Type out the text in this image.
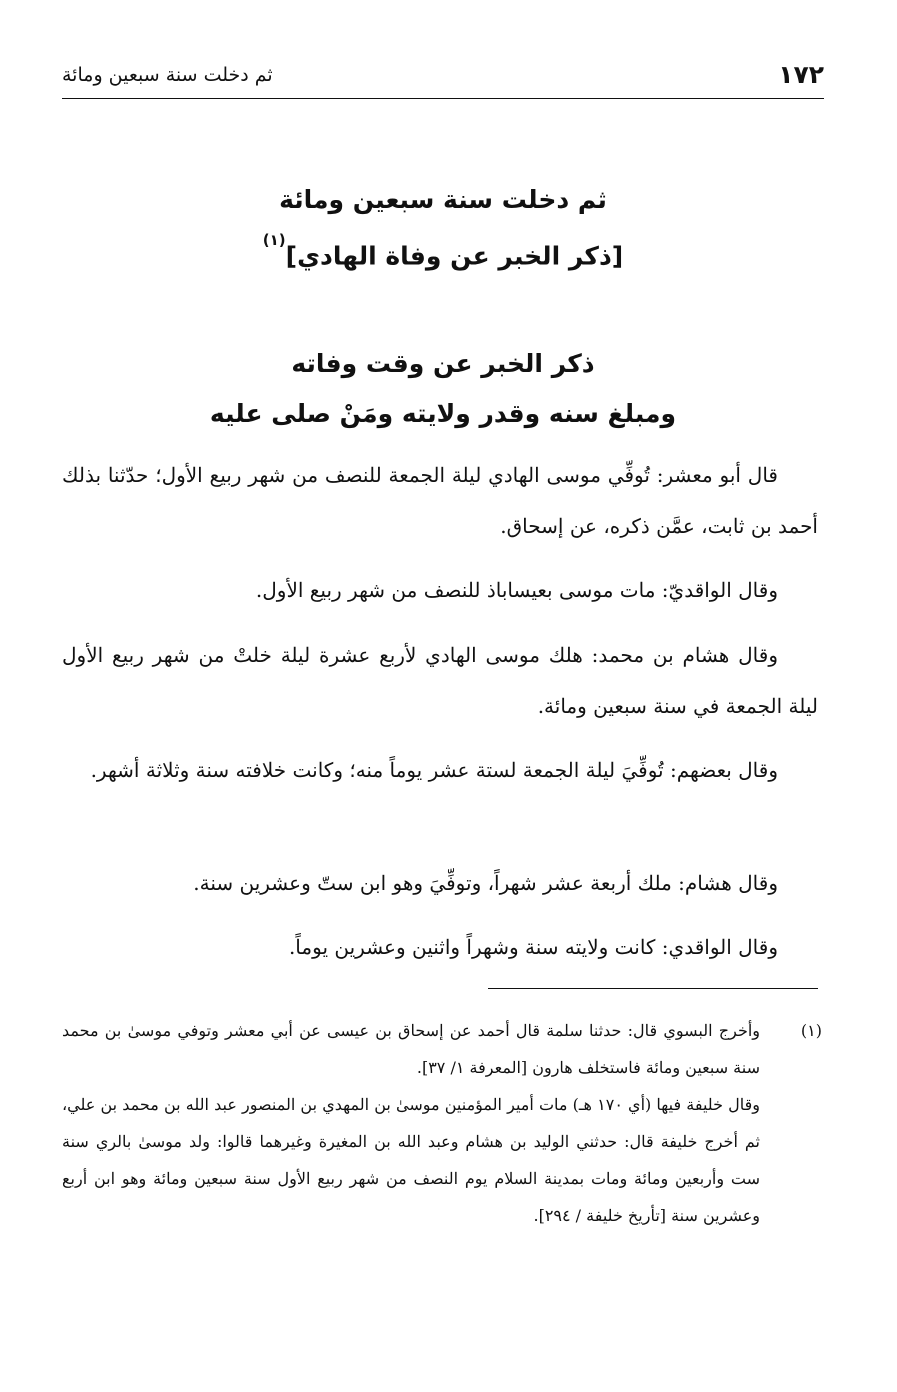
١٧٢
ثم دخلت سنة سبعين ومائة
ثم دخلت سنة سبعين ومائة
[ذكر الخبر عن وفاة الهادي]$^{(١)}$
ذكر الخبر عن وقت وفاته
ومبلغ سنه وقدر ولايته ومَنْ صلى عليه

قال أبو معشر: تُوفِّي موسى الهادي ليلة الجمعة للنصف من شهر ربيع الأول؛ حدّثنا بذلك أحمد بن ثابت، عمَّن ذكره، عن إسحاق.

وقال الواقديّ: مات موسى بعيساباذ للنصف من شهر ربيع الأول.

وقال هشام بن محمد: هلك موسى الهادي لأربع عشرة ليلة خلتْ من شهر ربيع الأول ليلة الجمعة في سنة سبعين ومائة.

وقال بعضهم: تُوفِّيَ ليلة الجمعة لستة عشر يوماً منه؛ وكانت خلافته سنة وثلاثة أشهر.

وقال هشام: ملك أربعة عشر شهراً، وتوفِّيَ وهو ابن ستّ وعشرين سنة.

وقال الواقدي: كانت ولايته سنة وشهراً واثنين وعشرين يوماً.

(١)
وأخرج البسوي قال: حدثنا سلمة قال أحمد عن إسحاق بن عيسى عن أبي معشر وتوفي موسىٰ بن محمد سنة سبعين ومائة فاستخلف هارون [المعرفة ١/ ٣٧].

وقال خليفة فيها (أي ١٧٠ هـ) مات أمير المؤمنين موسىٰ بن المهدي بن المنصور عبد الله بن محمد بن علي، ثم أخرج خليفة قال: حدثني الوليد بن هشام وعبد الله بن المغيرة وغيرهما قالوا: ولد موسىٰ بالري سنة ست وأربعين ومائة ومات بمدينة السلام يوم النصف من شهر ربيع الأول سنة سبعين ومائة وهو ابن أربع وعشرين سنة [تأريخ خليفة / ٢٩٤].
